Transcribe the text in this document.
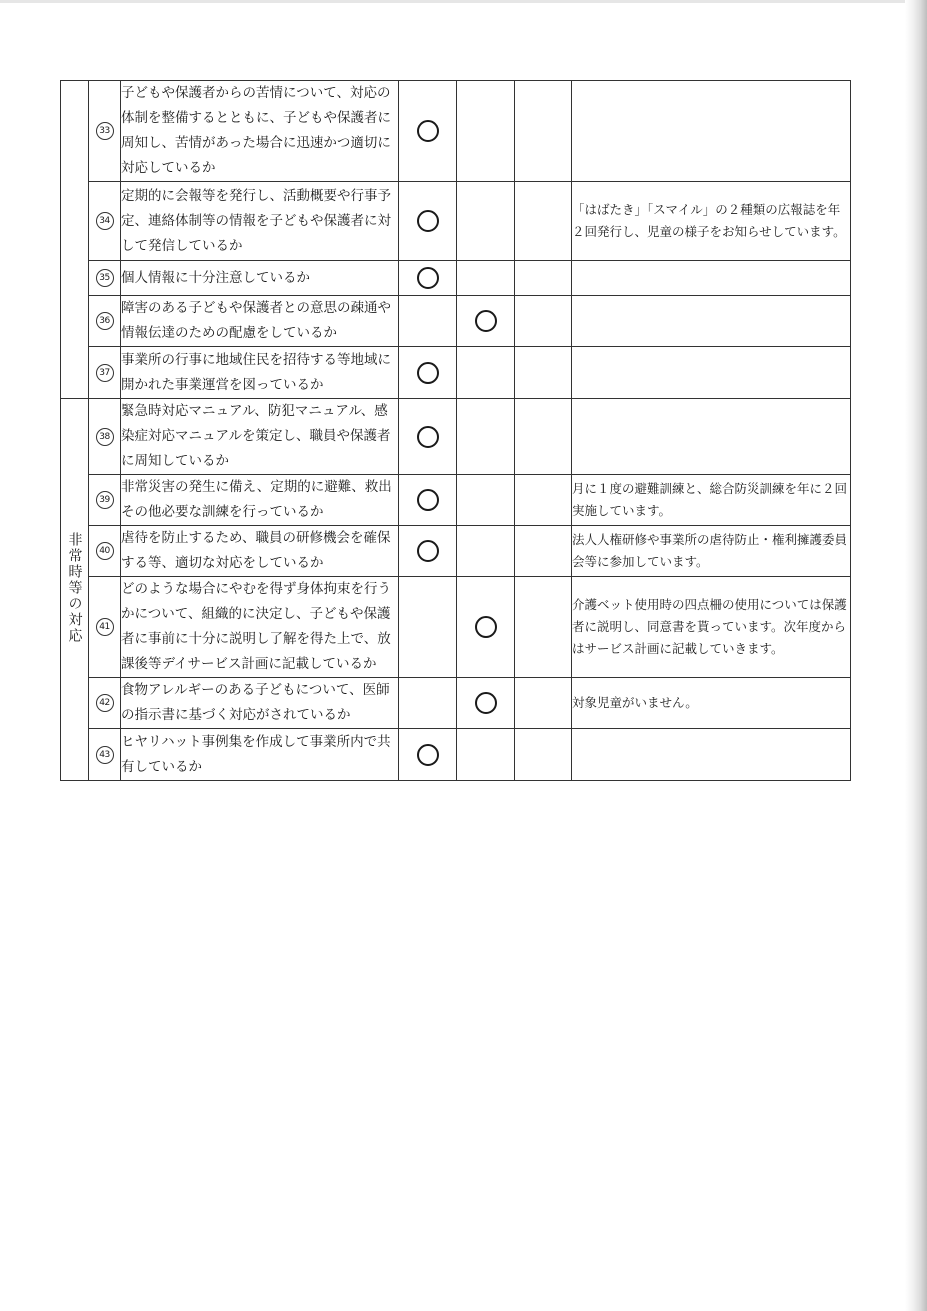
	33	子どもや保護者からの苦情について、対応の体制を整備するとともに、子どもや保護者に周知し、苦情があった場合に迅速かつ適切に対応しているか				
	34	定期的に会報等を発行し、活動概要や行事予定、連絡体制等の情報を子どもや保護者に対して発信しているか				「はばたき」「スマイル」の２種類の広報誌を年２回発行し、児童の様子をお知らせしています。
	35	個人情報に十分注意しているか				
	36	障害のある子どもや保護者との意思の疎通や情報伝達のための配慮をしているか				
	37	事業所の行事に地域住民を招待する等地域に開かれた事業運営を図っているか				
非常時等の対応	38	緊急時対応マニュアル、防犯マニュアル、感染症対応マニュアルを策定し、職員や保護者に周知しているか				
	39	非常災害の発生に備え、定期的に避難、救出その他必要な訓練を行っているか				月に１度の避難訓練と、総合防災訓練を年に２回実施しています。
	40	虐待を防止するため、職員の研修機会を確保する等、適切な対応をしているか				法人人権研修や事業所の虐待防止・権利擁護委員会等に参加しています。
	41	どのような場合にやむを得ず身体拘束を行うかについて、組織的に決定し、子どもや保護者に事前に十分に説明し了解を得た上で、放課後等デイサービス計画に記載しているか				介護ベット使用時の四点柵の使用については保護者に説明し、同意書を貰っています。次年度からはサービス計画に記載していきます。
	42	食物アレルギーのある子どもについて、医師の指示書に基づく対応がされているか				対象児童がいません。
	43	ヒヤリハット事例集を作成して事業所内で共有しているか				
